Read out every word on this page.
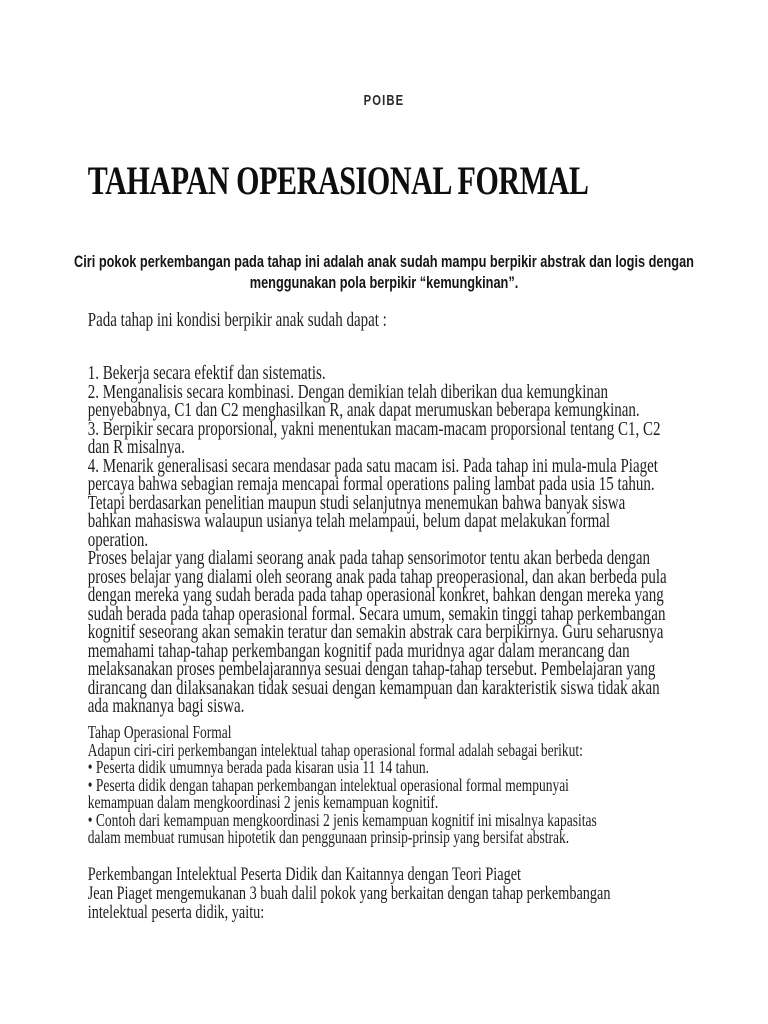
POIBE
TAHAPAN OPERASIONAL FORMAL
Ciri pokok perkembangan pada tahap ini adalah anak sudah mampu berpikir abstrak dan logis dengan
menggunakan pola berpikir “kemungkinan”.
Pada tahap ini kondisi berpikir anak sudah dapat :
1. Bekerja secara efektif dan sistematis.
2. Menganalisis secara kombinasi. Dengan demikian telah diberikan dua kemungkinan
penyebabnya, C1 dan C2 menghasilkan R, anak dapat merumuskan beberapa kemungkinan.
3. Berpikir secara proporsional, yakni menentukan macam-macam proporsional tentang C1, C2
dan R misalnya.
4. Menarik generalisasi secara mendasar pada satu macam isi. Pada tahap ini mula-mula Piaget
percaya bahwa sebagian remaja mencapai formal operations paling lambat pada usia 15 tahun.
Tetapi berdasarkan penelitian maupun studi selanjutnya menemukan bahwa banyak siswa
bahkan mahasiswa walaupun usianya telah melampaui, belum dapat melakukan formal
operation.
Proses belajar yang dialami seorang anak pada tahap sensorimotor tentu akan berbeda dengan
proses belajar yang dialami oleh seorang anak pada tahap preoperasional, dan akan berbeda pula
dengan mereka yang sudah berada pada tahap operasional konkret, bahkan dengan mereka yang
sudah berada pada tahap operasional formal. Secara umum, semakin tinggi tahap perkembangan
kognitif seseorang akan semakin teratur dan semakin abstrak cara berpikirnya. Guru seharusnya
memahami tahap-tahap perkembangan kognitif pada muridnya agar dalam merancang dan
melaksanakan proses pembelajarannya sesuai dengan tahap-tahap tersebut. Pembelajaran yang
dirancang dan dilaksanakan tidak sesuai dengan kemampuan dan karakteristik siswa tidak akan
ada maknanya bagi siswa.
Tahap Operasional Formal
Adapun ciri-ciri perkembangan intelektual tahap operasional formal adalah sebagai berikut:
• Peserta didik umumnya berada pada kisaran usia 11 14 tahun.
• Peserta didik dengan tahapan perkembangan intelektual operasional formal mempunyai
kemampuan dalam mengkoordinasi 2 jenis kemampuan kognitif.
• Contoh dari kemampuan mengkoordinasi 2 jenis kemampuan kognitif ini misalnya kapasitas
dalam membuat rumusan hipotetik dan penggunaan prinsip-prinsip yang bersifat abstrak.
Perkembangan Intelektual Peserta Didik dan Kaitannya dengan Teori Piaget
Jean Piaget mengemukanan 3 buah dalil pokok yang berkaitan dengan tahap perkembangan
intelektual peserta didik, yaitu:
